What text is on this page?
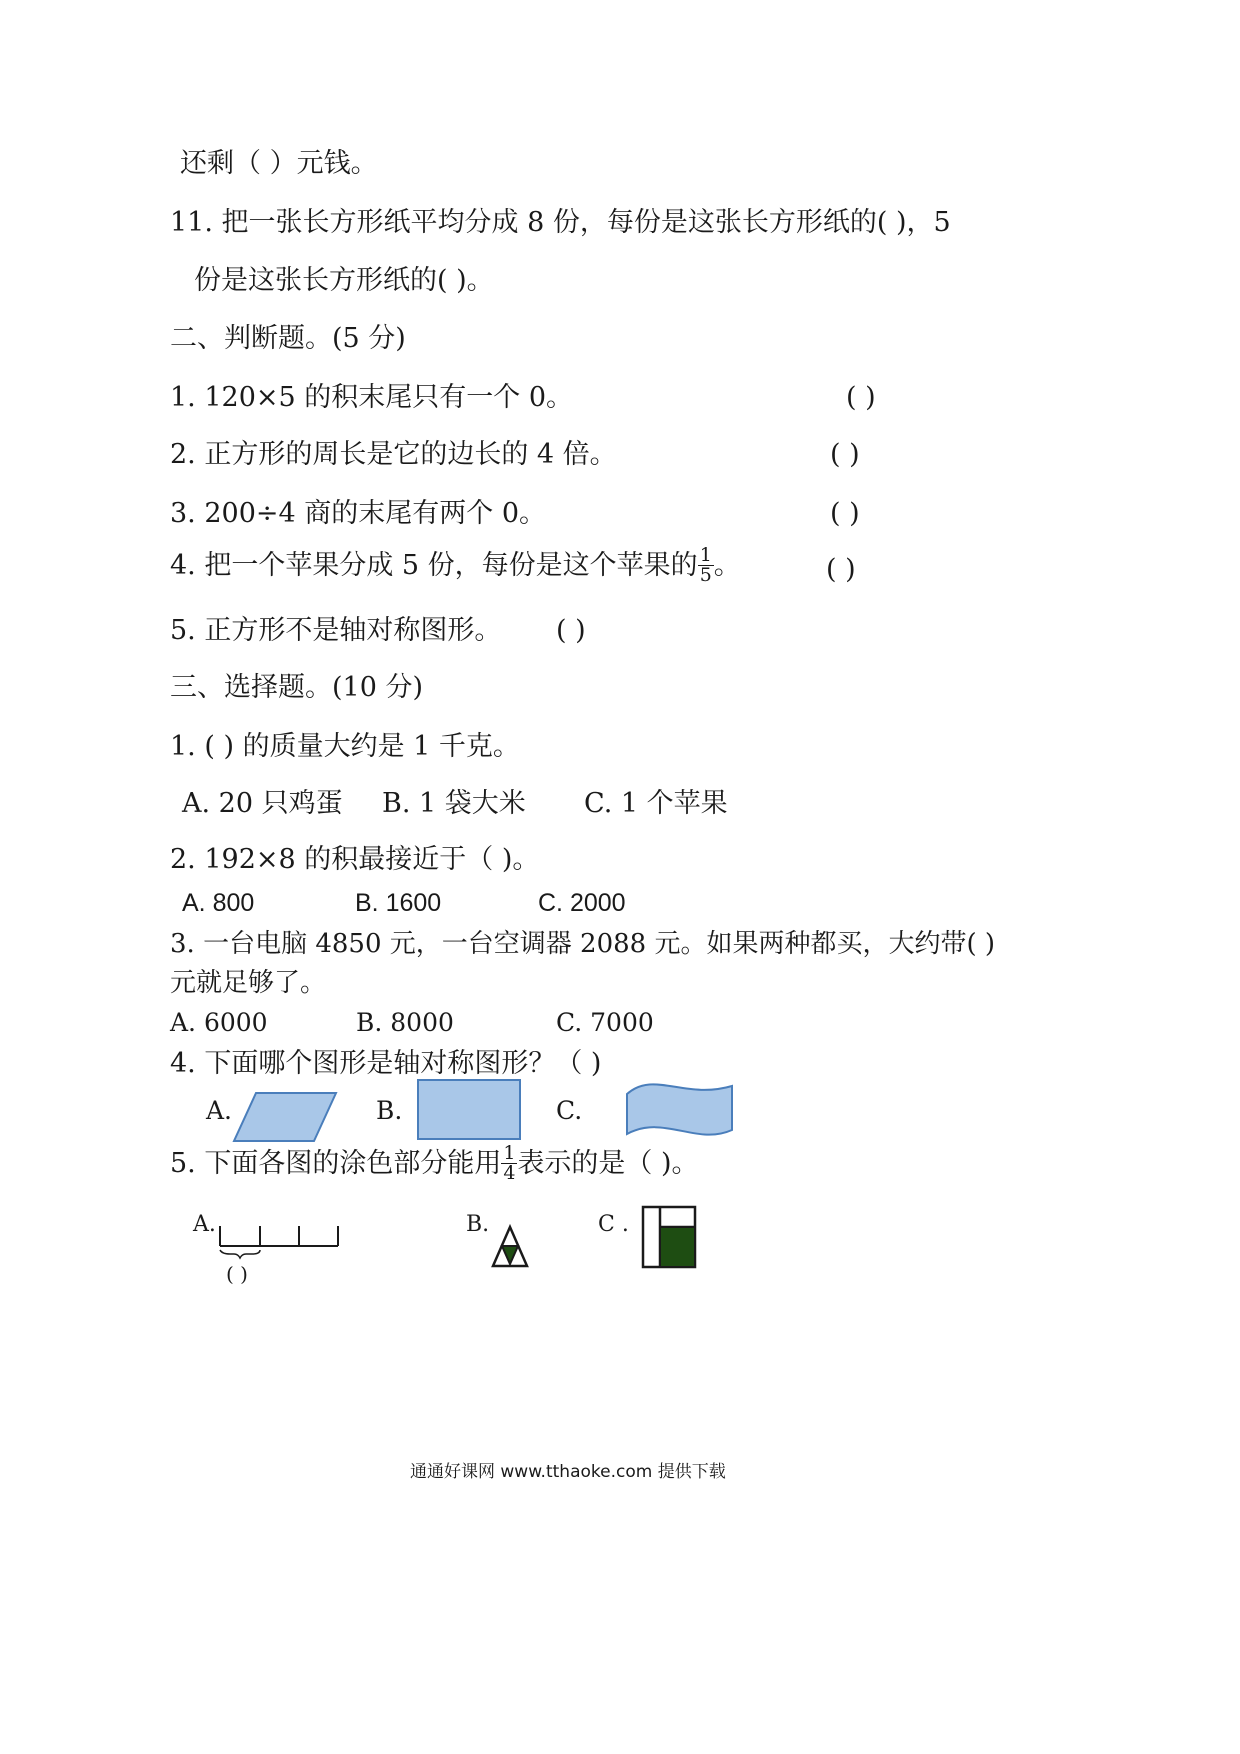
还剩（ ）元钱。
11. 把一张长方形纸平均分成 8 份，每份是这张长方形纸的( )，5
份是这张长方形纸的( )。
二、判断题。(5 分)
1. 120×5 的积末尾只有一个 0。	( )
2. 正方形的周长是它的边长的 4 倍。	( )
3. 200÷4 商的末尾有两个 0。	( )
4. 把一个苹果分成 5 份，每份是这个苹果的 $\frac{1}{5}$ 。	( )
5. 正方形不是轴对称图形。 ( )
三、选择题。(10 分)
1. ( ) 的质量大约是 1 千克。
A. 20 只鸡蛋 B. 1 袋大米 C. 1 个苹果
2. 192×8 的积最接近于（ )。
A. 800	B. 1600	C. 2000
3. 一台电脑 4850 元，一台空调器 2088 元。如果两种都买，大约带( )
元就足够了。
A. 6000	B. 8000	C. 7000
4. 下面哪个图形是轴对称图形？（ )
A.	B.	C.
5. 下面各图的涂色部分能用 $\frac{1}{4}$ 表示的是（ )。
A.
( )
B.	C .
通通好课网 www.tthaoke.com 提供下载
